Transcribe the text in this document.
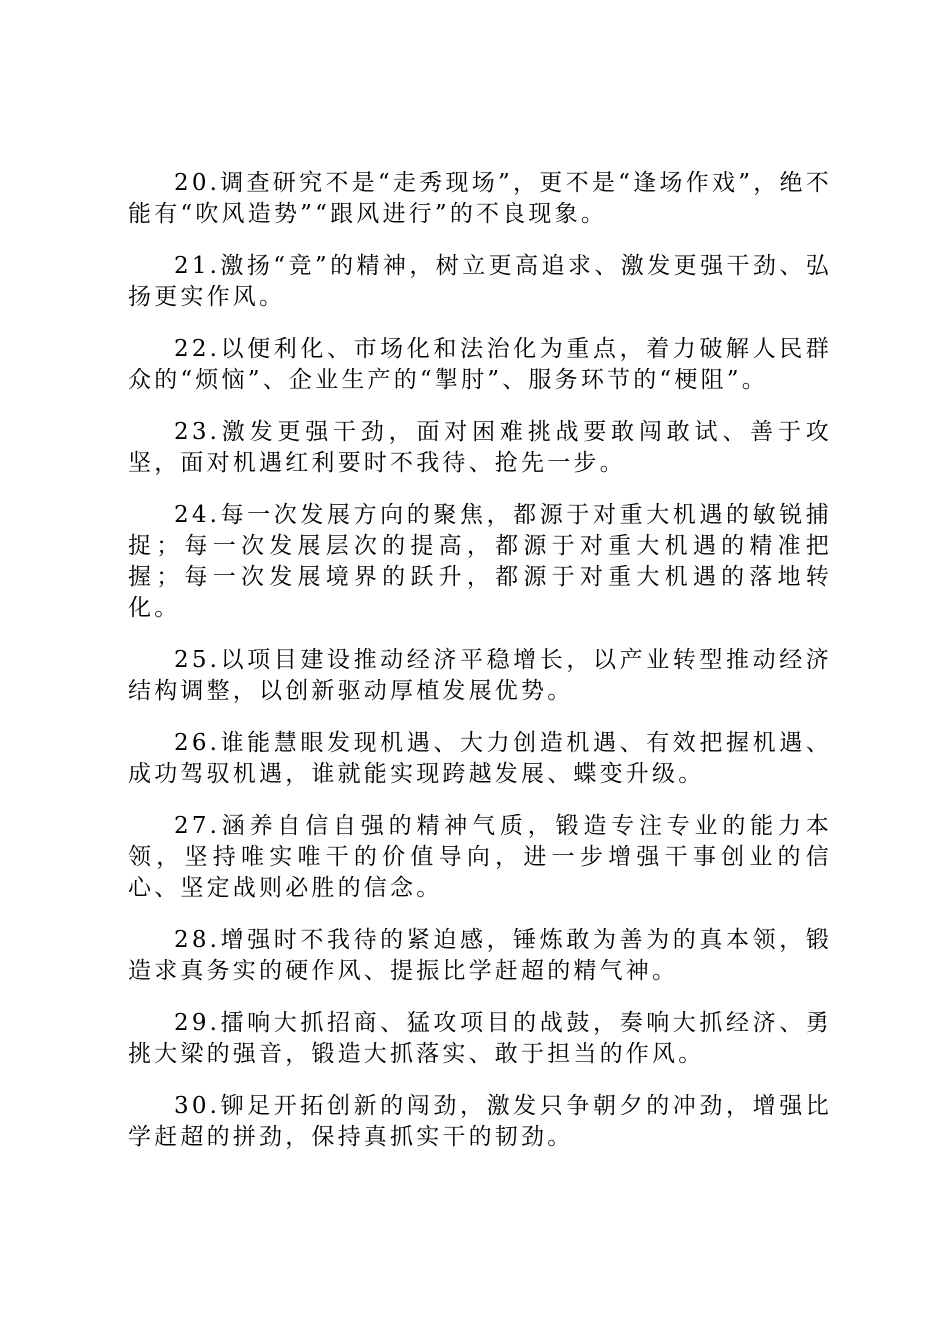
20.调查研究不是“走秀现场”，更不是“逢场作戏”，绝不能有“吹风造势”“跟风进行”的不良现象。

21.激扬“竞”的精神，树立更高追求、激发更强干劲、弘扬更实作风。

22.以便利化、市场化和法治化为重点，着力破解人民群众的“烦恼”、企业生产的“掣肘”、服务环节的“梗阻”。

23.激发更强干劲，面对困难挑战要敢闯敢试、善于攻坚，面对机遇红利要时不我待、抢先一步。

24.每一次发展方向的聚焦，都源于对重大机遇的敏锐捕捉；每一次发展层次的提高，都源于对重大机遇的精准把握；每一次发展境界的跃升，都源于对重大机遇的落地转化。

25.以项目建设推动经济平稳增长，以产业转型推动经济结构调整，以创新驱动厚植发展优势。

26.谁能慧眼发现机遇、大力创造机遇、有效把握机遇、成功驾驭机遇，谁就能实现跨越发展、蝶变升级。

27.涵养自信自强的精神气质，锻造专注专业的能力本领，坚持唯实唯干的价值导向，进一步增强干事创业的信心、坚定战则必胜的信念。

28.增强时不我待的紧迫感，锤炼敢为善为的真本领，锻造求真务实的硬作风、提振比学赶超的精气神。

29.擂响大抓招商、猛攻项目的战鼓，奏响大抓经济、勇挑大梁的强音，锻造大抓落实、敢于担当的作风。

30.铆足开拓创新的闯劲，激发只争朝夕的冲劲，增强比学赶超的拼劲，保持真抓实干的韧劲。
